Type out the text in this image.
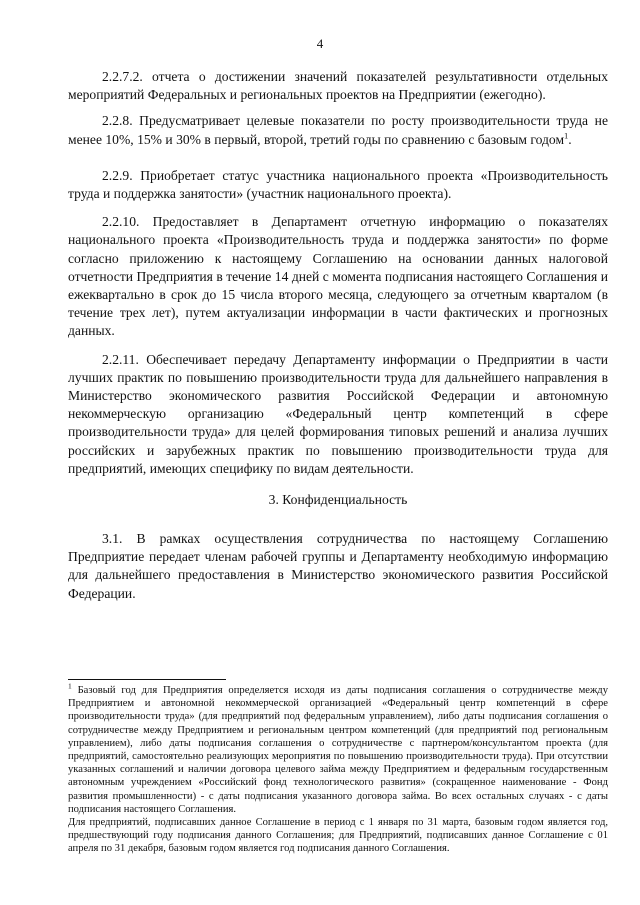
4

2.2.7.2. отчета о достижении значений показателей результативности отдельных мероприятий Федеральных и региональных проектов на Предприятии (ежегодно).

2.2.8. Предусматривает целевые показатели по росту производительности труда не менее 10%, 15% и 30% в первый, второй, третий годы по сравнению с базовым годом$^1$.

2.2.9. Приобретает статус участника национального проекта «Производительность труда и поддержка занятости» (участник национального проекта).

2.2.10. Предоставляет в Департамент отчетную информацию о показателях национального проекта «Производительность труда и поддержка занятости» по форме согласно приложению к настоящему Соглашению на основании данных налоговой отчетности Предприятия в течение 14 дней с момента подписания настоящего Соглашения и ежеквартально в срок до 15 числа второго месяца, следующего за отчетным кварталом (в течение трех лет), путем актуализации информации в части фактических и прогнозных данных.

2.2.11. Обеспечивает передачу Департаменту информации о Предприятии в части лучших практик по повышению производительности труда для дальнейшего направления в Министерство экономического развития Российской Федерации и автономную некоммерческую организацию «Федеральный центр компетенций в сфере производительности труда» для целей формирования типовых решений и анализа лучших российских и зарубежных практик по повышению производительности труда для предприятий, имеющих специфику по видам деятельности.

3. Конфиденциальность

3.1. В рамках осуществления сотрудничества по настоящему Соглашению Предприятие передает членам рабочей группы и Департаменту необходимую информацию для дальнейшего предоставления в Министерство экономического развития Российской Федерации.

$^1$ Базовый год для Предприятия определяется исходя из даты подписания соглашения о сотрудничестве между Предприятием и автономной некоммерческой организацией «Федеральный центр компетенций в сфере производительности труда» (для предприятий под федеральным управлением), либо даты подписания соглашения о сотрудничестве между Предприятием и региональным центром компетенций (для предприятий под региональным управлением), либо даты подписания соглашения о сотрудничестве с партнером/консультантом проекта (для предприятий, самостоятельно реализующих мероприятия по повышению производительности труда). При отсутствии указанных соглашений и наличии договора целевого займа между Предприятием и федеральным государственным автономным учреждением «Российский фонд технологического развития» (сокращенное наименование - Фонд развития промышленности) - с даты подписания указанного договора займа. Во всех остальных случаях - с даты подписания настоящего Соглашения.

Для предприятий, подписавших данное Соглашение в период с 1 января по 31 марта, базовым годом является год, предшествующий году подписания данного Соглашения; для Предприятий, подписавших данное Соглашение с 01 апреля по 31 декабря, базовым годом является год подписания данного Соглашения.
